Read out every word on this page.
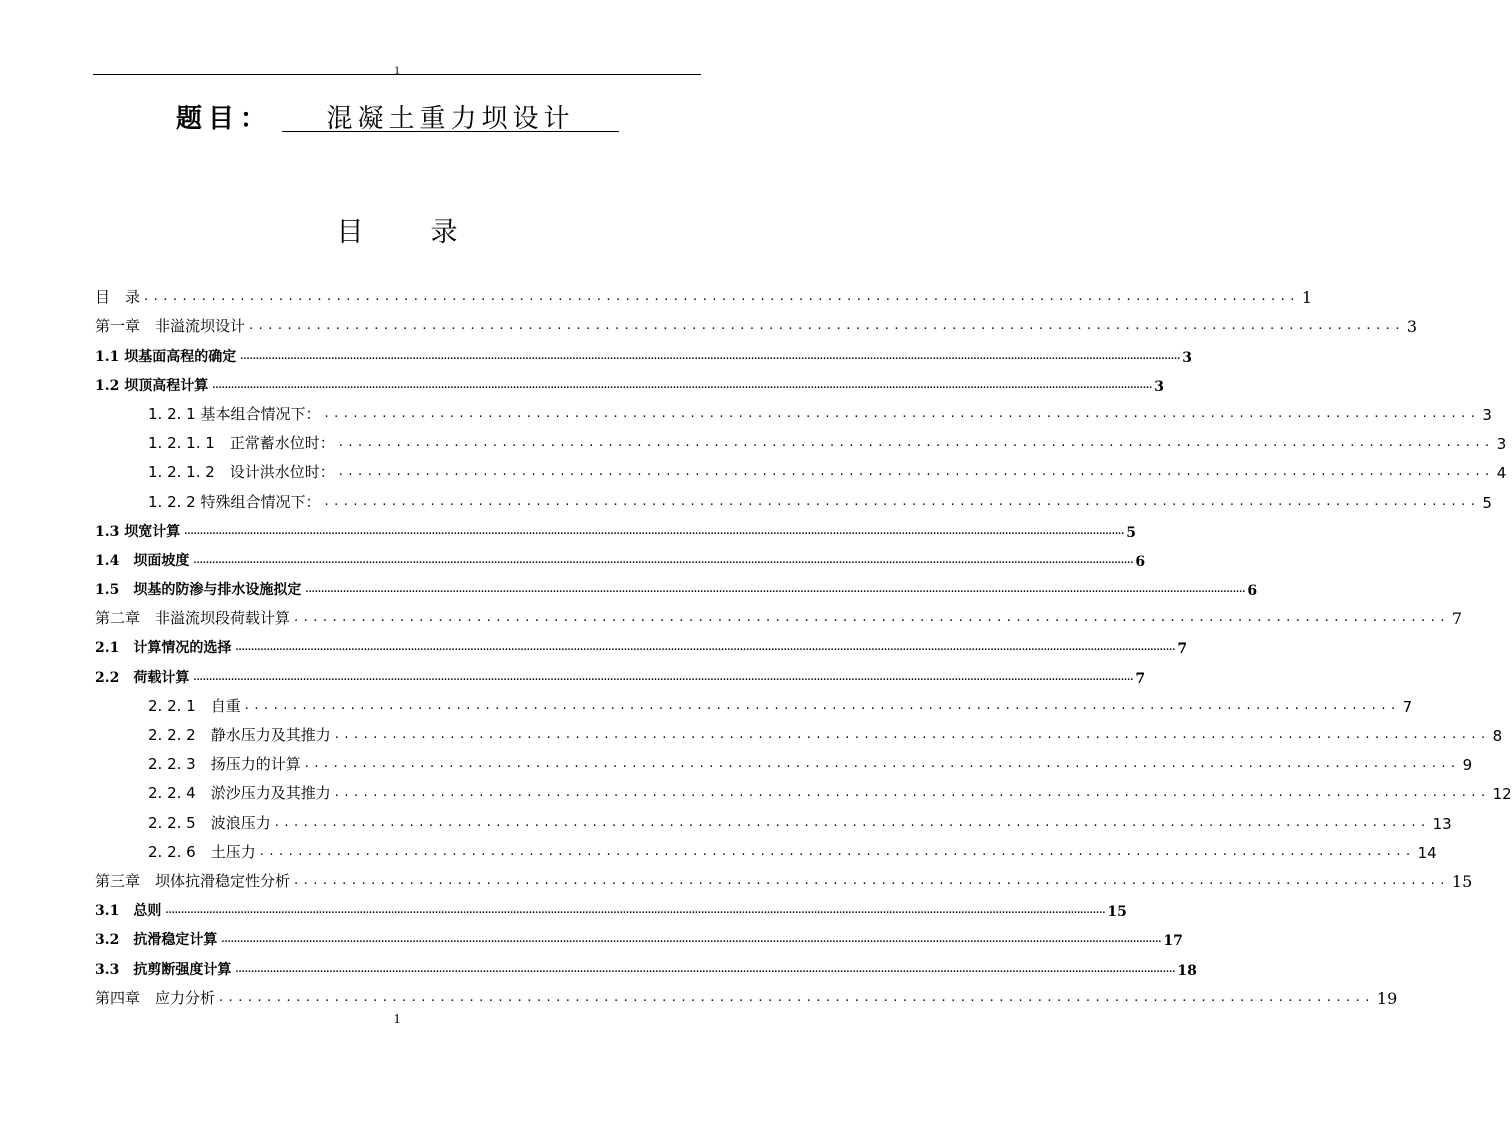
1
题目：	混凝土重力坝设计
目　录
目　录 ........................................................................................................................ 1
第一章　非溢流坝设计 ........................................................................................................................ 3
1.1 坝基面高程的确定 ............................................................................................................................................................................................................................................................................................................ 3
1.2 坝顶高程计算 ............................................................................................................................................................................................................................................................................................................ 3
1. 2. 1 基本组合情况下： ........................................................................................................................ 3
1. 2. 1. 1　正常蓄水位时： ........................................................................................................................ 3
1. 2. 1. 2　设计洪水位时： ........................................................................................................................ 4
1. 2. 2 特殊组合情况下： ........................................................................................................................ 5
1.3 坝宽计算 ............................................................................................................................................................................................................................................................................................................ 5
1.4　坝面坡度 ............................................................................................................................................................................................................................................................................................................ 6
1.5　坝基的防渗与排水设施拟定 ............................................................................................................................................................................................................................................................................................................ 6
第二章　非溢流坝段荷载计算 ........................................................................................................................ 7
2.1　计算情况的选择 ............................................................................................................................................................................................................................................................................................................ 7
2.2　荷载计算 ............................................................................................................................................................................................................................................................................................................ 7
2. 2. 1　自重 ........................................................................................................................ 7
2. 2. 2　静水压力及其推力 ........................................................................................................................ 8
2. 2. 3　扬压力的计算 ........................................................................................................................ 9
2. 2. 4　淤沙压力及其推力 ........................................................................................................................ 12
2. 2. 5　波浪压力 ........................................................................................................................ 13
2. 2. 6　土压力 ........................................................................................................................ 14
第三章　坝体抗滑稳定性分析 ........................................................................................................................ 15
3.1　总则 ............................................................................................................................................................................................................................................................................................................ 15
3.2　抗滑稳定计算 ............................................................................................................................................................................................................................................................................................................ 17
3.3　抗剪断强度计算 ............................................................................................................................................................................................................................................................................................................ 18
第四章　应力分析 ........................................................................................................................ 19
1
